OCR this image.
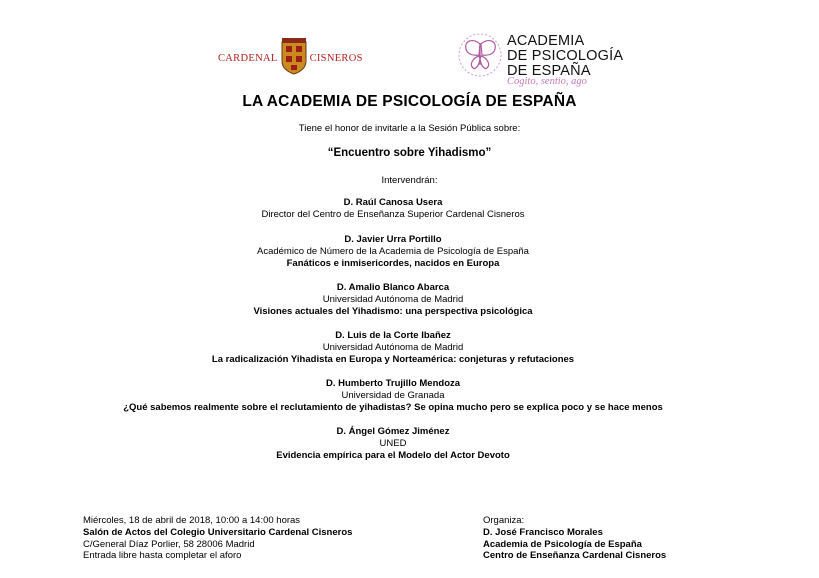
CARDENAL	CISNEROS
ACADEMIA
DE PSICOLOGÍA
DE ESPAÑA
Cogito, sentio, ago
LA ACADEMIA DE PSICOLOGÍA DE ESPAÑA
Tiene el honor de invitarle a la Sesión Pública sobre:
“Encuentro sobre Yihadismo”
Intervendrán:
D. Raúl Canosa Usera
Director del Centro de Enseñanza Superior Cardenal Cisneros
D. Javier Urra Portillo
Académico de Número de la Academia de Psicología de España
Fanáticos e inmisericordes, nacidos en Europa
D. Amalio Blanco Abarca
Universidad Autónoma de Madrid
Visiones actuales del Yihadismo: una perspectiva psicológica
D. Luis de la Corte Ibañez
Universidad Autónoma de Madrid
La radicalización Yihadista en Europa y Norteamérica: conjeturas y refutaciones
D. Humberto Trujillo Mendoza
Universidad de Granada
¿Qué sabemos realmente sobre el reclutamiento de yihadistas? Se opina mucho pero se explica poco y se hace menos
D. Ángel Gómez Jiménez
UNED
Evidencia empírica para el Modelo del Actor Devoto
Miércoles, 18 de abril de 2018, 10:00 a 14:00 horas
Salón de Actos del Colegio Universitario Cardenal Cisneros
C/General Díaz Porlier, 58 28006 Madrid
Entrada libre hasta completar el aforo
Organiza:
D. José Francisco Morales
Academia de Psicología de España
Centro de Enseñanza Cardenal Cisneros
